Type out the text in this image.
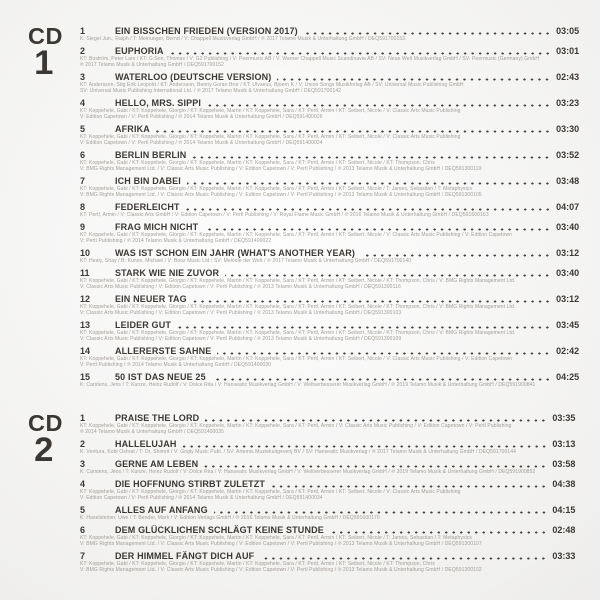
CD
1
1	EIN BISSCHEN FRIEDEN (VERSION 2017)	03:05
K: Siegel Jun., Ralph / T: Meinunger, Bernd / V: Chappell Musikverlag GmbH / ℗ 2017 Telamo Musik & Unterhaltung GmbH / DEQ591700153
2	EUPHORIA	03:01
KT: Boström, Peter Lars / KT: G:Son, Thomas / V: G2 Publishing / V: Peermusic AB / V: Warner Chappell Music Scandinavia AB / SV: Neue Welt Musikverlag GmbH / SV: Peermusic (Germany) GmbH
℗ 2017 Telamo Musik & Unterhaltung GmbH / DEQ591700152
3	WATERLOO (DEUTSCHE VERSION)	02:43
KT: Andersson, Stig Erik Leopold / KT: Andersson, Benny Goran Bror / KT: Ulvaeus, Bjoern K / V: Union Songs Musikforlag AB / SV: Universal Music Publishing GmbH
SV: Universal Music Publishing International Ltd. / ℗ 2017 Telamo Musik & Unterhaltung GmbH / DEQ591700142
4	HELLO, MRS. SIPPI	03:23
KT: Koppehele, Gabi / KT: Koppehele, Giorgio / KT: Koppehele, Martin / KT: Koppehele, Sara / KT: Pertl, Armin / KT: Seibert, Nicole / V: Classic Arts Music Publishing
V: Edition Capetown / V: Pertl Publishing / ℗ 2014 Telamo Musik & Unterhaltung GmbH / DEQ591400026
5	AFRIKA	03:30
KT: Koppehele, Gabi / KT: Koppehele, Giorgio / KT: Koppehele, Martin / KT: Koppehele, Sara / KT: Pertl, Armin / KT: Seibert, Nicole / V: Classic Arts Music Publishing
V: Edition Capetown / V: Pertl Publishing / ℗ 2014 Telamo Musik & Unterhaltung GmbH / DEQ591400024
6	BERLIN BERLIN	03:52
KT: Koppehele, Gabi / KT: Koppehele, Giorgio / KT: Koppehele, Martin / KT: Koppehele, Sara / KT: Pertl, Armin / KT: Seibert, Nicole / KT: Thompson, Chris
V: BMG Rights Management Ltd. / V: Classic Arts Music Publishing / V: Edition Capetown / V: Pertl Publishing / ℗ 2013 Telamo Musik & Unterhaltung GmbH / DEQ591300110
7	ICH BIN DABEI	03:48
KT: Koppehele, Gabi / KT: Koppehele, Giorgio / KT: Koppehele, Martin / KT: Koppehele, Sara / KT: Pertl, Armin / KT: Seibert, Nicole / T: James, Sebastian / T: Metaphysics
V: BMG Rights Management Ltd. / V: Classic Arts Music Publishing / V: Edition Capetown / V: Pertl Publishing / ℗ 2013 Telamo Musik & Unterhaltung GmbH / DEQ591300105
8	FEDERLEICHT	04:07
KT: Pertl, Armin / V: Classic Arts GmbH / V: Edition Capetown / V: Pertl Publishing / V: Royal Flame Music GmbH / ℗ 2016 Telamo Musik & Unterhaltung GmbH / DEQ591600163
9	FRAG MICH NICHT	03:40
KT: Koppehele, Gabi / KT: Koppehele, Giorgio / KT: Koppehele, Martin / KT: Koppehele, Sara / KT: Pertl, Armin / KT: Seibert, Nicole / V: Classic Arts Music Publishing / V: Edition Capetown
V: Pertl Publishing / ℗ 2014 Telamo Musik & Unterhaltung GmbH / DEQ591400022
10	WAS IST SCHON EIN JAHR (WHAT'S ANOTHER YEAR)	03:12
KT: Healy, Shay / B: Kunze, Michael / V: Booz Music Ltd / SV: Melodie der Welt / ℗ 2017 Telamo Musik & Unterhaltung GmbH / DEQ591700140
11	STARK WIE NIE ZUVOR	03:40
KT: Koppehele, Gabi / KT: Koppehele, Giorgio / KT: Koppehele, Martin / KT: Koppehele, Sara / KT: Pertl, Armin / KT: Seibert, Nicole / KT: Thompson, Chris / V: BMG Rights Management Ltd.
V: Classic Arts Music Publishing / V: Edition Capetown / V: Pertl Publishing / ℗ 2013 Telamo Musik & Unterhaltung GmbH / DEQ591300116
12	EIN NEUER TAG	03:12
KT: Koppehele, Gabi / KT: Koppehele, Giorgio / KT: Koppehele, Martin / KT: Koppehele, Sara / KT: Pertl, Armin / KT: Seibert, Nicole / KT: Thompson, Chris / V: BMG Rights Management Ltd.
V: Classic Arts Music Publishing / V: Edition Capetown / V: Pertl Publishing / ℗ 2013 Telamo Musik & Unterhaltung GmbH / DEQ591300103
13	LEIDER GUT	03:45
KT: Koppehele, Gabi / KT: Koppehele, Giorgio / KT: Koppehele, Martin / KT: Koppehele, Sara / KT: Pertl, Armin / KT: Seibert, Nicole / KT: Thompson, Chris / V: BMG Rights Management Ltd.
V: Classic Arts Music Publishing / V: Edition Capetown / V: Pertl Publishing / ℗ 2013 Telamo Musik & Unterhaltung GmbH / DEQ591300109
14	ALLERERSTE SAHNE	02:42
KT: Koppehele, Gabi / KT: Koppehele, Giorgio / KT: Koppehele, Martin / KT: Koppehele, Sara / KT: Pertl, Armin / KT: Seibert, Nicole / V: Classic Arts Music Publishing / V: Edition Capetown
V: Pertl Publishing / ℗ 2014 Telamo Musik & Unterhaltung GmbH / DEQ591400030
15	50 IST DAS NEUE 25	04:25
K: Carstens, Jens / T: Kunze, Heinz Rudolf / V: Dolce Rita / V: Hanseatic Musikverlag GmbH / V: Weltverbesserer Musikverlag GmbH / ℗ 2019 Telamo Musik & Unterhaltung GmbH / DEQ591900841
CD
2
1	PRAISE THE LORD	03:35
KT: Koppehele, Gabi / KT: Koppehele, Giorgio / KT: Koppehele, Martin / KT: Koppehele, Sara / KT: Pertl, Armin / V: Classic Arts Music Publishing / V: Edition Capetown / V: Pertl Publishing
℗ 2014 Telamo Musik & Unterhaltung GmbH / DEQ591400035
2	HALLELUJAH	03:13
K: Ventura, Kobi Oshrat / T: Or, Shimrit / V: Gogly Music Publ. / SV: Artemis Muziekuitgeverij BV / SV: Hanseatic Musikverlag / ℗ 2017 Telamo Musik & Unterhaltung GmbH / DEQ591700144
3	GERNE AM LEBEN	03:58
K: Carstens, Jens / T: Kunze, Heinz Rudolf / V: Dolce Rita / V: Hanseatic Musikverlag GmbH / V: Weltverbesserer Musikverlag GmbH / ℗ 2019 Telamo Musik & Unterhaltung GmbH / DEQ591900852
4	DIE HOFFNUNG STIRBT ZULETZT	04:38
KT: Koppehele, Gabi / KT: Koppehele, Giorgio / KT: Koppehele, Martin / KT: Koppehele, Sara / KT: Pertl, Armin / KT: Seibert, Nicole / V: Classic Arts Music Publishing
V: Edition Capetown / V: Pertl Publishing / ℗ 2014 Telamo Musik & Unterhaltung GmbH / DEQ591400034
5	ALLES AUF ANFANG	04:15
K: Haselsteiner, Uwe / T: Bender, Mark / V: Edition Verlags GmbH / ℗ 2016 Telamo Musik & Unterhaltung GmbH / DEQ591600170
6	DEM GLÜCKLICHEN SCHLÄGT KEINE STUNDE	02:48
KT: Koppehele, Gabi / KT: Koppehele, Giorgio / KT: Koppehele, Martin / KT: Koppehele, Sara / KT: Pertl, Armin / KT: Seibert, Nicole / T: James, Sebastian / T: Metaphysics
V: BMG Rights Management Ltd. / V: Classic Arts Music Publishing / V: Edition Capetown / V: Pertl Publishing / ℗ 2013 Telamo Musik & Unterhaltung GmbH / DEQ591300107
7	DER HIMMEL FÄNGT DICH AUF	03:33
KT: Koppehele, Gabi / KT: Koppehele, Giorgio / KT: Koppehele, Martin / KT: Koppehele, Sara / KT: Pertl, Armin / KT: Seibert, Nicole / KT: Thompson, Chris
V: BMG Rights Management Ltd. / V: Classic Arts Music Publishing / V: Edition Capetown / V: Pertl Publishing / ℗ 2013 Telamo Musik & Unterhaltung GmbH / DEQ591300102
